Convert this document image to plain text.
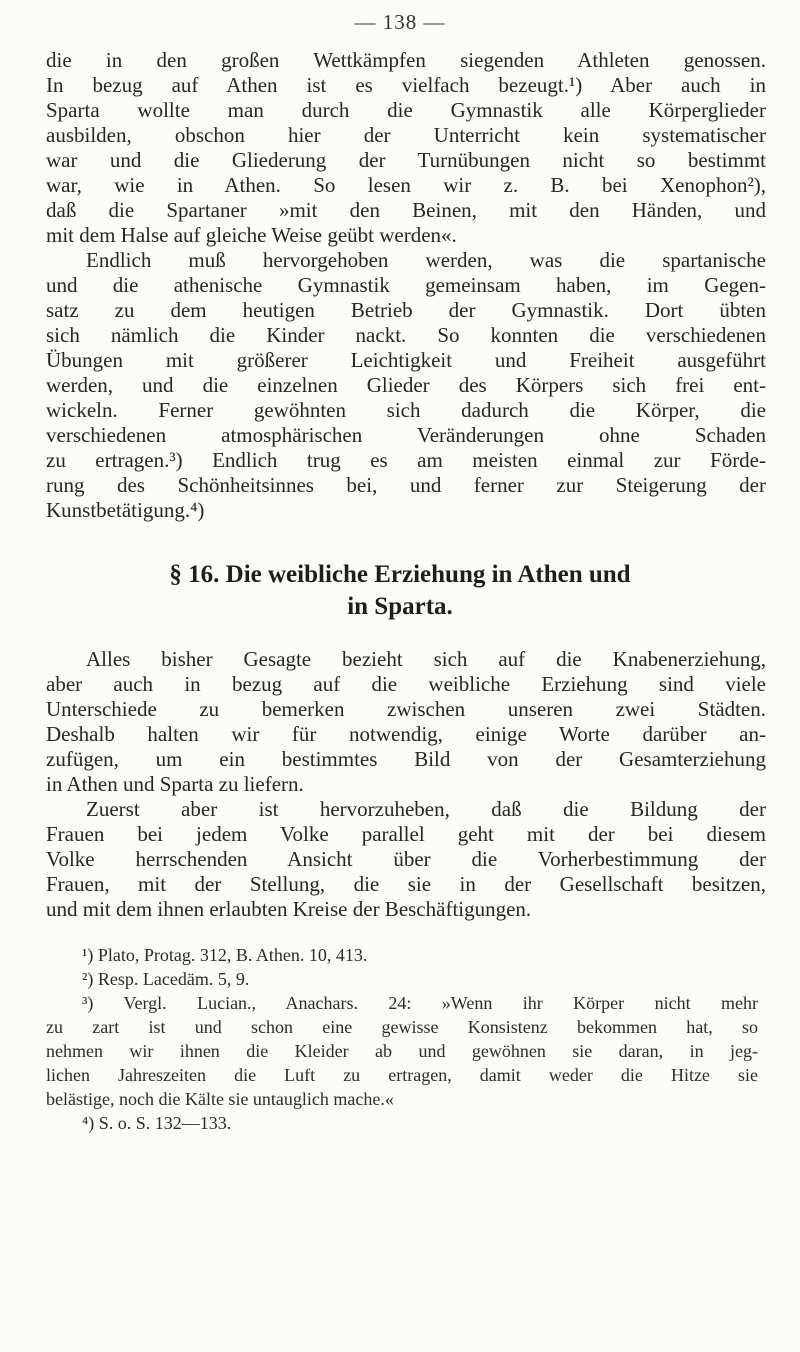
— 138 —
die in den großen Wettkämpfen siegenden Athleten genossen.
In bezug auf Athen ist es vielfach bezeugt.¹) Aber auch in
Sparta wollte man durch die Gymnastik alle Körperglieder
ausbilden, obschon hier der Unterricht kein systematischer
war und die Gliederung der Turnübungen nicht so bestimmt
war, wie in Athen. So lesen wir z. B. bei Xenophon²),
daß die Spartaner »mit den Beinen, mit den Händen, und
mit dem Halse auf gleiche Weise geübt werden«.
Endlich muß hervorgehoben werden, was die spartanische
und die athenische Gymnastik gemeinsam haben, im Gegen-
satz zu dem heutigen Betrieb der Gymnastik. Dort übten
sich nämlich die Kinder nackt. So konnten die verschiedenen
Übungen mit größerer Leichtigkeit und Freiheit ausgeführt
werden, und die einzelnen Glieder des Körpers sich frei ent-
wickeln. Ferner gewöhnten sich dadurch die Körper, die
verschiedenen atmosphärischen Veränderungen ohne Schaden
zu ertragen.³) Endlich trug es am meisten einmal zur Förde-
rung des Schönheitsinnes bei, und ferner zur Steigerung der
Kunstbetätigung.⁴)
§ 16. Die weibliche Erziehung in Athen und
in Sparta.
Alles bisher Gesagte bezieht sich auf die Knabenerziehung,
aber auch in bezug auf die weibliche Erziehung sind viele
Unterschiede zu bemerken zwischen unseren zwei Städten.
Deshalb halten wir für notwendig, einige Worte darüber an-
zufügen, um ein bestimmtes Bild von der Gesamterziehung
in Athen und Sparta zu liefern.
Zuerst aber ist hervorzuheben, daß die Bildung der
Frauen bei jedem Volke parallel geht mit der bei diesem
Volke herrschenden Ansicht über die Vorherbestimmung der
Frauen, mit der Stellung, die sie in der Gesellschaft besitzen,
und mit dem ihnen erlaubten Kreise der Beschäftigungen.
¹) Plato, Protag. 312, B. Athen. 10, 413.
²) Resp. Lacedäm. 5, 9.
³) Vergl. Lucian., Anachars. 24: »Wenn ihr Körper nicht mehr
zu zart ist und schon eine gewisse Konsistenz bekommen hat, so
nehmen wir ihnen die Kleider ab und gewöhnen sie daran, in jeg-
lichen Jahreszeiten die Luft zu ertragen, damit weder die Hitze sie
belästige, noch die Kälte sie untauglich mache.«
⁴) S. o. S. 132—133.
